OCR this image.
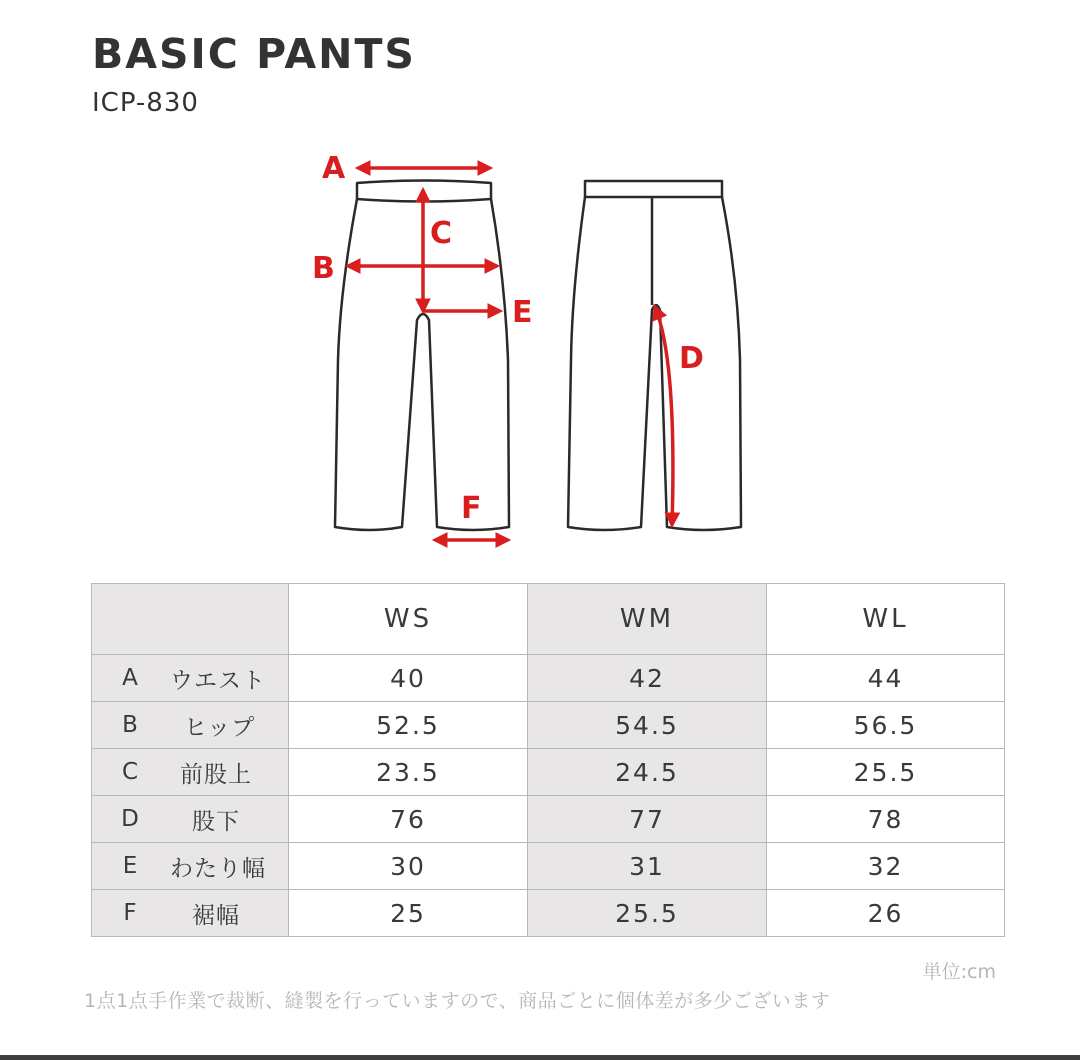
BASIC PANTS
ICP-830
A
B
C
E
F
D
	WS	WM	WL

A ウエスト	40	42	44

B ヒップ	52.5	54.5	56.5

C 前股上	23.5	24.5	25.5

D 股下	76	77	78

E わたり幅	30	31	32

F 裾幅	25	25.5	26
単位:cm
1点1点手作業で裁断、縫製を行っていますので、商品ごとに個体差が多少ございます
